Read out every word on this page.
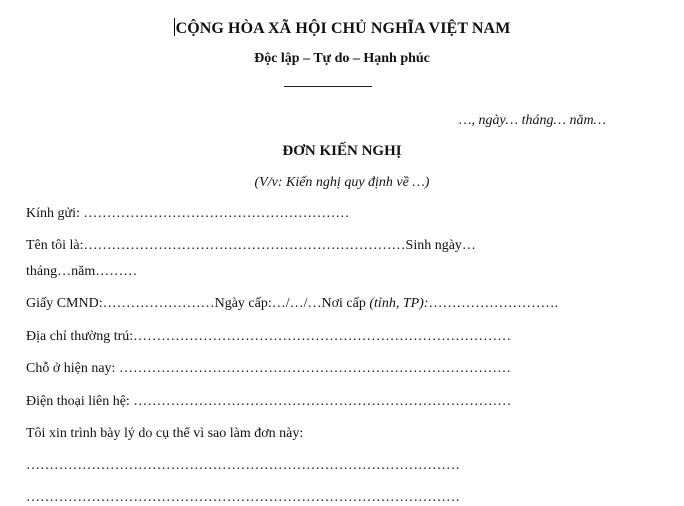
CỘNG HÒA XÃ HỘI CHỦ NGHĨA VIỆT NAM
Độc lập – Tự do – Hạnh phúc
…, ngày… tháng… năm…
ĐƠN KIẾN NGHỊ
(V/v: Kiến nghị quy định về …)
Kính gửi: …………………………………………………
Tên tôi là:……………………………………………………………Sinh ngày…
tháng…năm………
Giấy CMND:……………………Ngày cấp:…/…/…Nơi cấp (tỉnh, TP):……………………….
Địa chỉ thường trú:………………………………………………………………………
Chỗ ở hiện nay: …………………………………………………………………………
Điện thoại liên hệ: ………………………………………………………………………
Tôi xin trình bày lý do cụ thể vì sao làm đơn này:
…………………………………………………………………………………
…………………………………………………………………………………
